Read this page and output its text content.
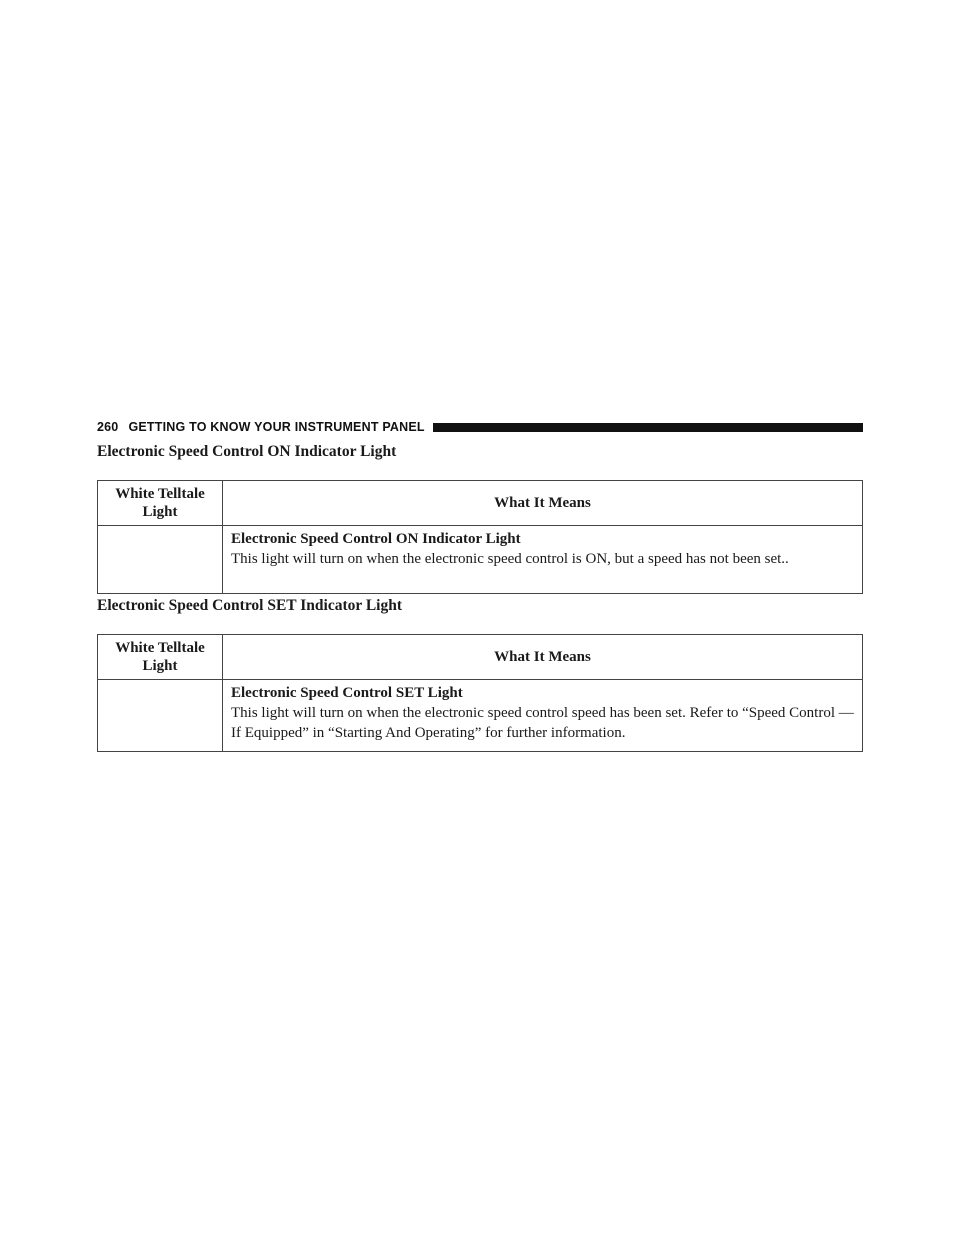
260 GETTING TO KNOW YOUR INSTRUMENT PANEL
Electronic Speed Control ON Indicator Light
White Telltale Light	What It Means

	Electronic Speed Control ON Indicator Light
This light will turn on when the electronic speed control is ON, but a speed has not been set..
Electronic Speed Control SET Indicator Light
White Telltale Light	What It Means

	Electronic Speed Control SET Light
This light will turn on when the electronic speed control speed has been set. Refer to “Speed Control — If Equipped” in “Starting And Operating” for further information.
